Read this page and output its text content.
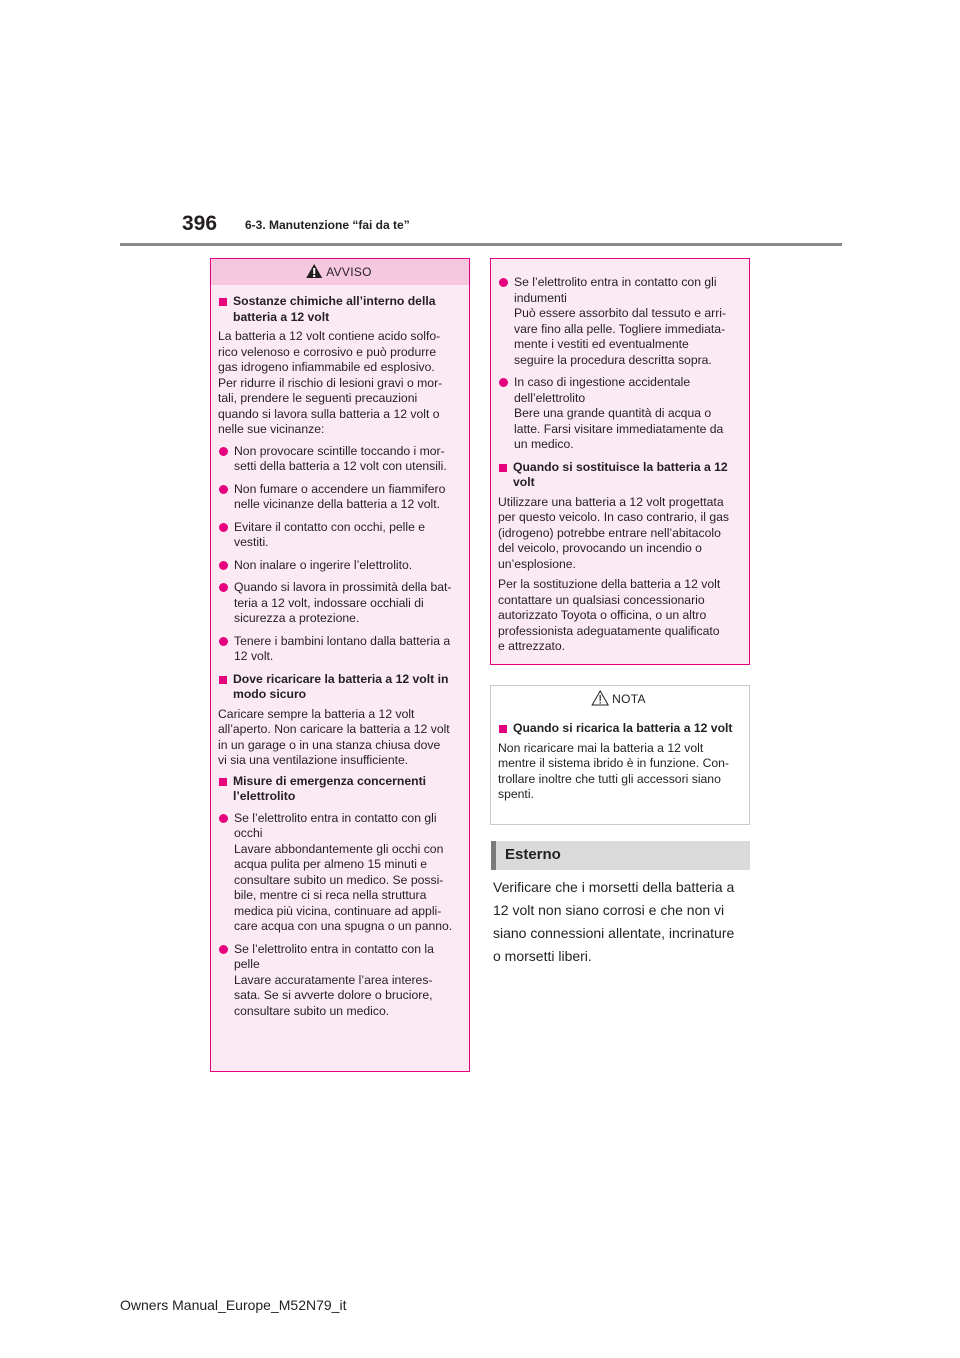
396 6-3. Manutenzione “fai da te”
AVVISO
Sostanze chimiche all’interno della batteria a 12 volt

La batteria a 12 volt contiene acido solfo-
rico velenoso e corrosivo e può produrre
gas idrogeno infiammabile ed esplosivo.
Per ridurre il rischio di lesioni gravi o mor-
tali, prendere le seguenti precauzioni
quando si lavora sulla batteria a 12 volt o
nelle sue vicinanze:

Non provocare scintille toccando i mor-
setti della batteria a 12 volt con utensili.
Non fumare o accendere un fiammifero
nelle vicinanze della batteria a 12 volt.
Evitare il contatto con occhi, pelle e
vestiti.
Non inalare o ingerire l’elettrolito.
Quando si lavora in prossimità della bat-
teria a 12 volt, indossare occhiali di
sicurezza a protezione.
Tenere i bambini lontano dalla batteria a
12 volt.
Dove ricaricare la batteria a 12 volt in modo sicuro

Caricare sempre la batteria a 12 volt
all’aperto. Non caricare la batteria a 12 volt
in un garage o in una stanza chiusa dove
vi sia una ventilazione insufficiente.

Misure di emergenza concernenti l’elettrolito
Se l’elettrolito entra in contatto con gli
occhi
Lavare abbondantemente gli occhi con
acqua pulita per almeno 15 minuti e
consultare subito un medico. Se possi-
bile, mentre ci si reca nella struttura
medica più vicina, continuare ad appli-
care acqua con una spugna o un panno.
Se l’elettrolito entra in contatto con la
pelle
Lavare accuratamente l’area interes-
sata. Se si avverte dolore o bruciore,
consultare subito un medico.
Se l’elettrolito entra in contatto con gli
indumenti
Può essere assorbito dal tessuto e arri-
vare fino alla pelle. Togliere immediata-
mente i vestiti ed eventualmente
seguire la procedura descritta sopra.
In caso di ingestione accidentale
dell’elettrolito
Bere una grande quantità di acqua o
latte. Farsi visitare immediatamente da
un medico.
Quando si sostituisce la batteria a 12 volt

Utilizzare una batteria a 12 volt progettata
per questo veicolo. In caso contrario, il gas
(idrogeno) potrebbe entrare nell’abitacolo
del veicolo, provocando un incendio o
un’esplosione.

Per la sostituzione della batteria a 12 volt
contattare un qualsiasi concessionario
autorizzato Toyota o officina, o un altro
professionista adeguatamente qualificato
e attrezzato.

NOTA
Quando si ricarica la batteria a 12 volt

Non ricaricare mai la batteria a 12 volt
mentre il sistema ibrido è in funzione. Con-
trollare inoltre che tutti gli accessori siano
spenti.

Esterno
Verificare che i morsetti della batteria a
12 volt non siano corrosi e che non vi
siano connessioni allentate, incrinature
o morsetti liberi.
Owners Manual_Europe_M52N79_it
